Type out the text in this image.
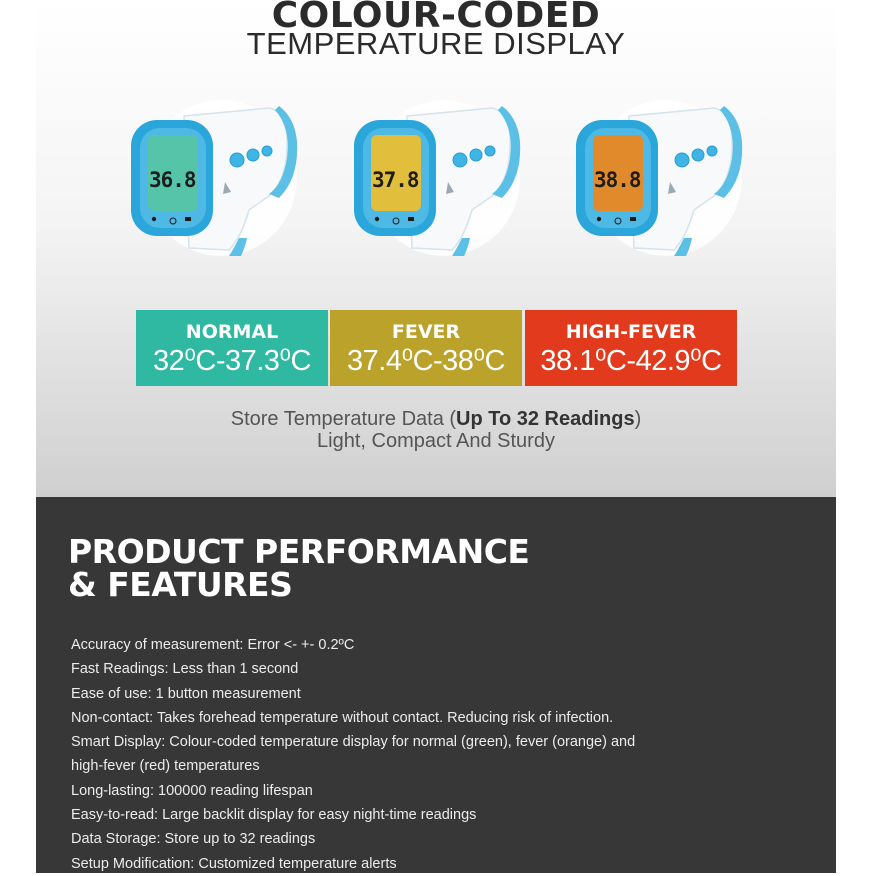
COLOUR-CODED
TEMPERATURE DISPLAY
36.8	37.8	38.8
NORMAL
32⁰C-37.3⁰C
FEVER
37.4⁰C-38⁰C
HIGH-FEVER
38.1⁰C-42.9⁰C
Store Temperature Data (Up To 32 Readings)
Light, Compact And Sturdy
PRODUCT PERFORMANCE
& FEATURES
Accuracy of measurement: Error <- +- 0.2ºC
Fast Readings: Less than 1 second
Ease of use: 1 button measurement
Non-contact: Takes forehead temperature without contact. Reducing risk of infection.
Smart Display: Colour-coded temperature display for normal (green), fever (orange) and
high-fever (red) temperatures
Long-lasting: 100000 reading lifespan
Easy-to-read: Large backlit display for easy night-time readings
Data Storage: Store up to 32 readings
Setup Modification: Customized temperature alerts
